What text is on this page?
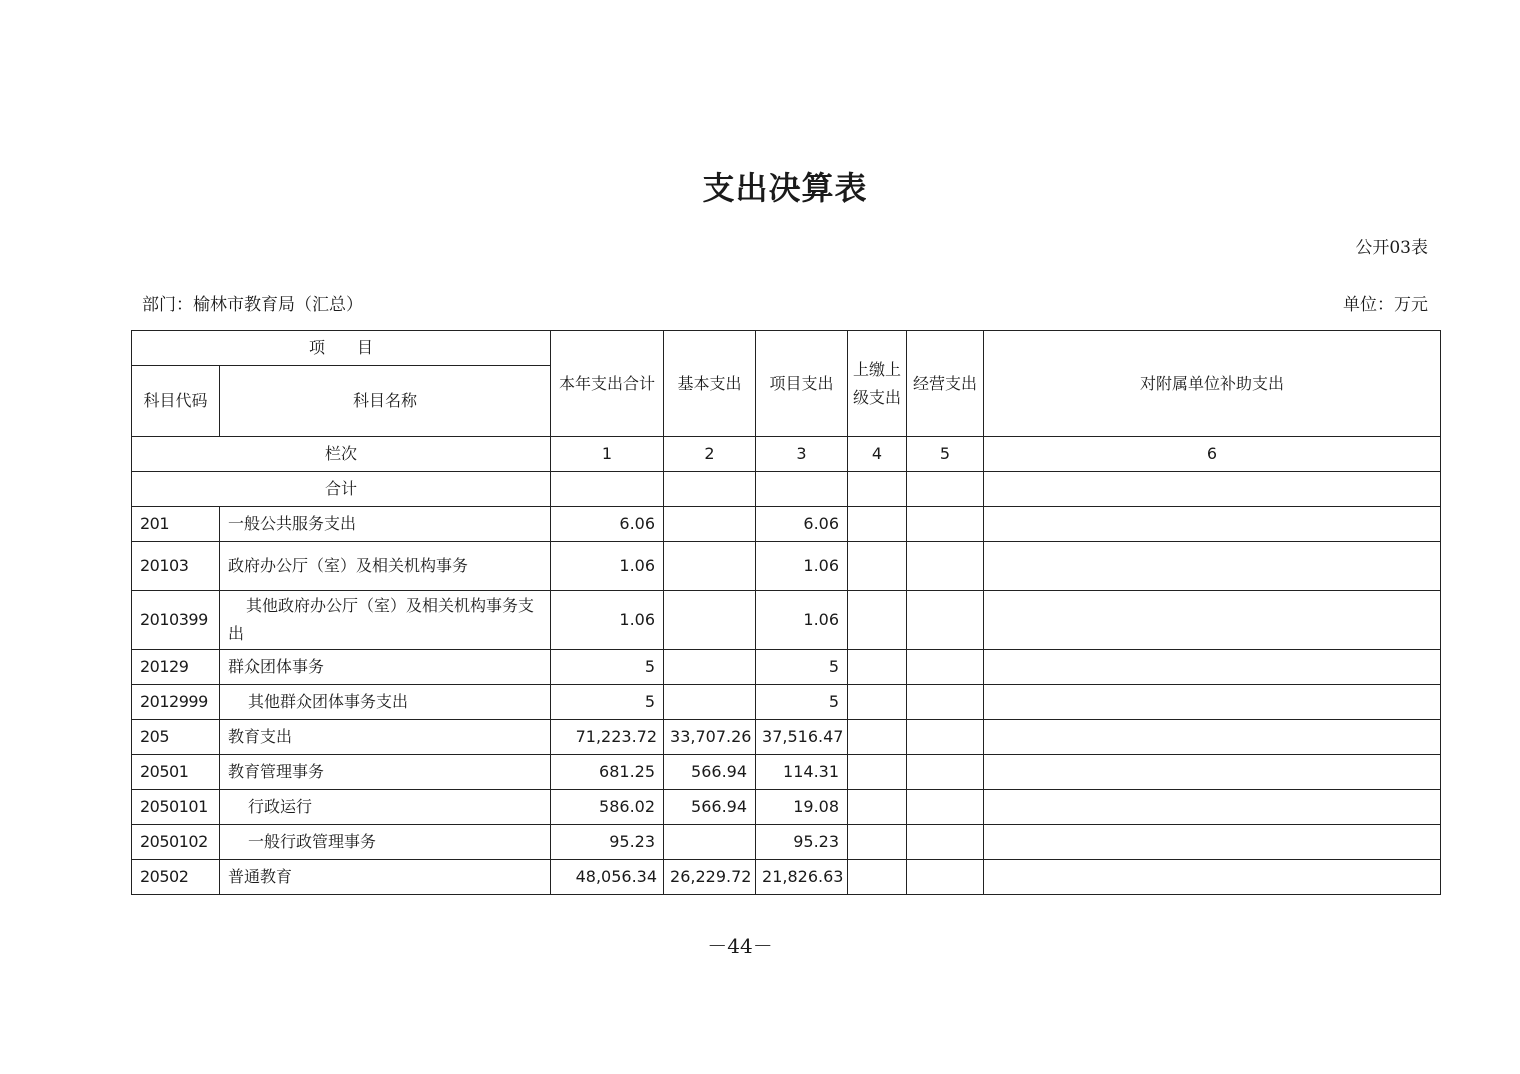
支出决算表
公开03表
部门：榆林市教育局（汇总）	单位：万元
项　　目		本年支出合计	基本支出	项目支出	上缴上级支出	经营支出	对附属单位补助支出
科目代码	科目名称						
栏次		1	2	3	4	5	6
合计							
201	一般公共服务支出	6.06		6.06			
20103	政府办公厅（室）及相关机构事务	1.06		1.06			
2010399	其他政府办公厅（室）及相关机构事务支出	1.06		1.06			
20129	群众团体事务	5		5			
2012999	其他群众团体事务支出	5		5			
205	教育支出	71,223.72	33,707.26	37,516.47			
20501	教育管理事务	681.25	566.94	114.31			
2050101	行政运行	586.02	566.94	19.08			
2050102	一般行政管理事务	95.23		95.23			
20502	普通教育	48,056.34	26,229.72	21,826.63			
－44－
